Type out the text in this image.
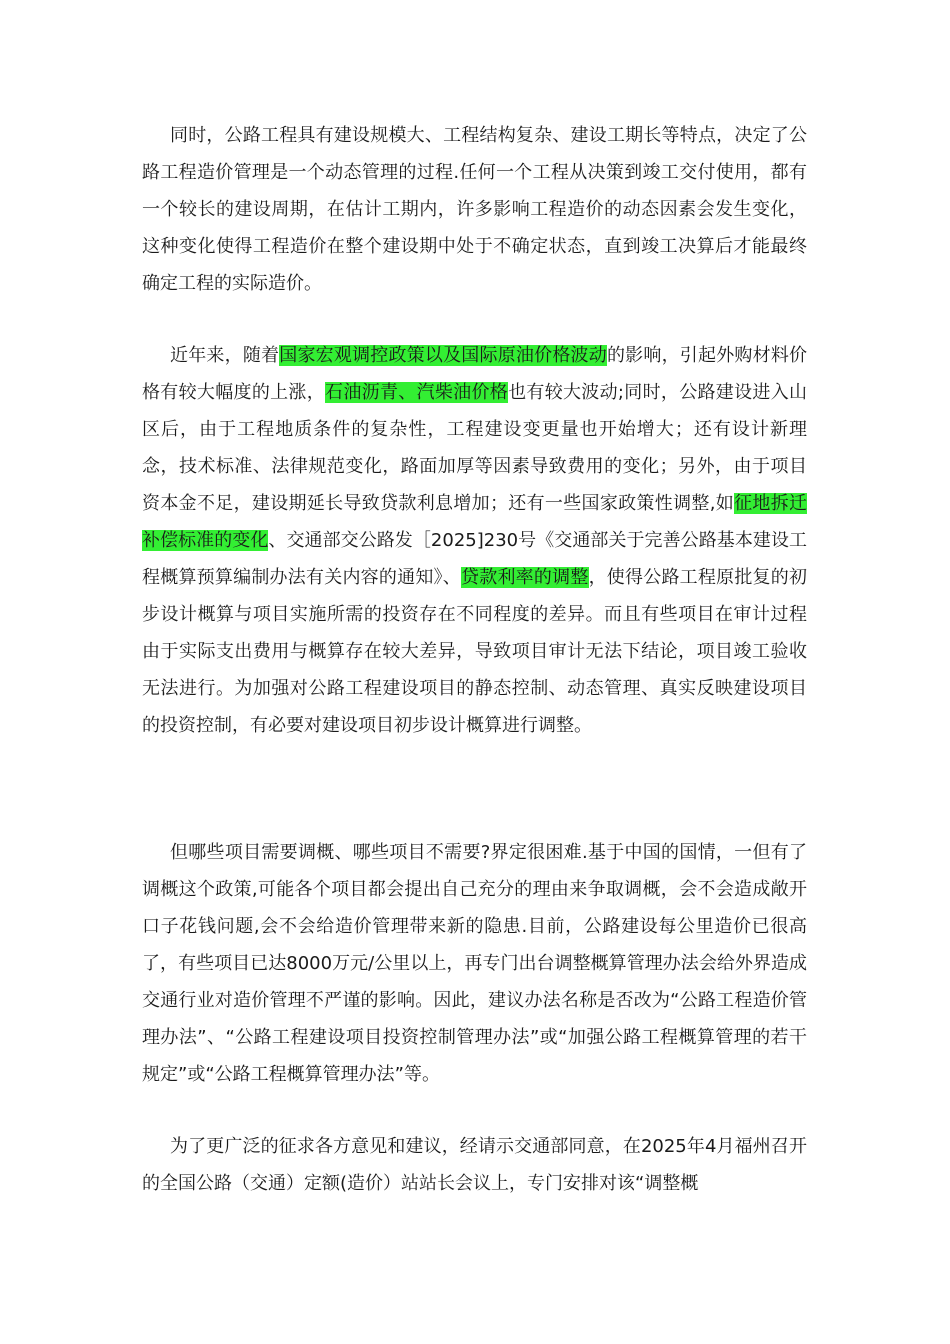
同时，公路工程具有建设规模大、工程结构复杂、建设工期长等特点，决定了公路工程造价管理是一个动态管理的过程.任何一个工程从决策到竣工交付使用，都有一个较长的建设周期，在估计工期内，许多影响工程造价的动态因素会发生变化，这种变化使得工程造价在整个建设期中处于不确定状态，直到竣工决算后才能最终确定工程的实际造价。

近年来，随着国家宏观调控政策以及国际原油价格波动的影响，引起外购材料价格有较大幅度的上涨，石油沥青、汽柴油价格也有较大波动;同时，公路建设进入山区后，由于工程地质条件的复杂性，工程建设变更量也开始增大；还有设计新理念，技术标准、法律规范变化，路面加厚等因素导致费用的变化；另外，由于项目资本金不足，建设期延长导致贷款利息增加；还有一些国家政策性调整,如征地拆迁补偿标准的变化、交通部交公路发［2025]230号《交通部关于完善公路基本建设工程概算预算编制办法有关内容的通知》、贷款利率的调整，使得公路工程原批复的初步设计概算与项目实施所需的投资存在不同程度的差异。而且有些项目在审计过程由于实际支出费用与概算存在较大差异，导致项目审计无法下结论，项目竣工验收无法进行。为加强对公路工程建设项目的静态控制、动态管理、真实反映建设项目的投资控制，有必要对建设项目初步设计概算进行调整。

但哪些项目需要调概、哪些项目不需要?界定很困难.基于中国的国情，一但有了调概这个政策,可能各个项目都会提出自己充分的理由来争取调概，会不会造成敞开口子花钱问题,会不会给造价管理带来新的隐患.目前，公路建设每公里造价已很高了，有些项目已达8000万元/公里以上，再专门出台调整概算管理办法会给外界造成交通行业对造价管理不严谨的影响。因此，建议办法名称是否改为“公路工程造价管理办法”、“公路工程建设项目投资控制管理办法”或“加强公路工程概算管理的若干规定”或“公路工程概算管理办法”等。

为了更广泛的征求各方意见和建议，经请示交通部同意，在2025年4月福州召开的全国公路（交通）定额(造价）站站长会议上，专门安排对该“调整概
